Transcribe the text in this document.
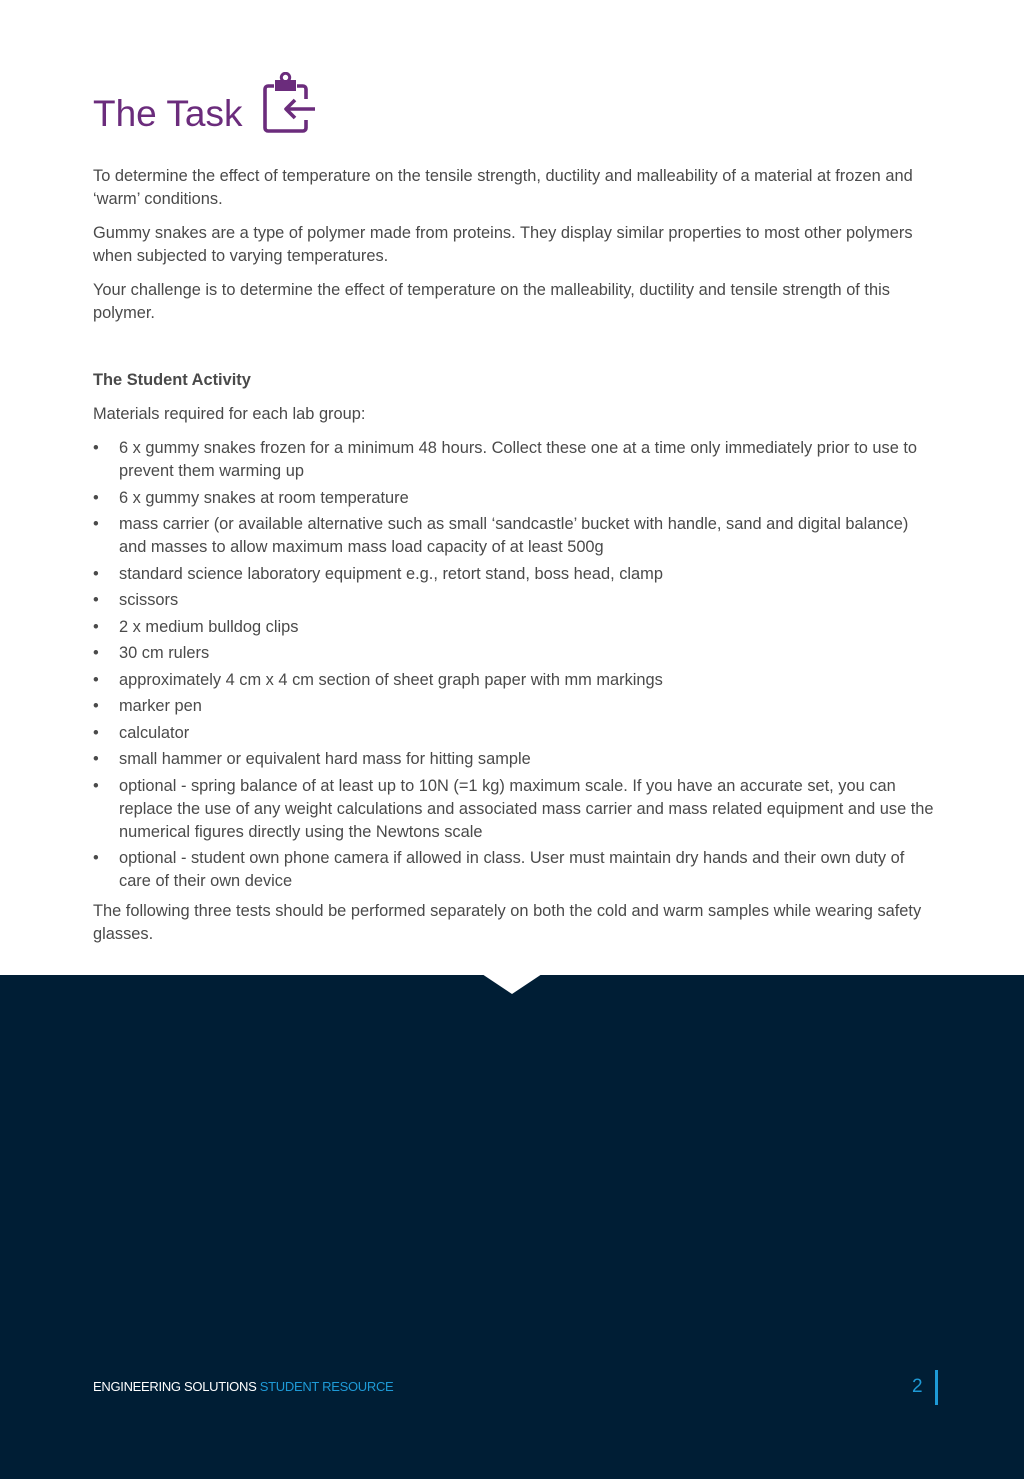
The Task

To determine the effect of temperature on the tensile strength, ductility and malleability of a material at frozen and ‘warm’ conditions.

Gummy snakes are a type of polymer made from proteins. They display similar properties to most other polymers when subjected to varying temperatures.

Your challenge is to determine the effect of temperature on the malleability, ductility and tensile strength of this polymer.

The Student Activity

Materials required for each lab group:

•	6 x gummy snakes frozen for a minimum 48 hours. Collect these one at a time only immediately prior to use to prevent them warming up
•	6 x gummy snakes at room temperature
•	mass carrier (or available alternative such as small ‘sandcastle’ bucket with handle, sand and digital balance) and masses to allow maximum mass load capacity of at least 500g
•	standard science laboratory equipment e.g., retort stand, boss head, clamp
•	scissors
•	2 x medium bulldog clips
•	30 cm rulers
•	approximately 4 cm x 4 cm section of sheet graph paper with mm markings
•	marker pen
•	calculator
•	small hammer or equivalent hard mass for hitting sample
•	optional - spring balance of at least up to 10N (=1 kg) maximum scale. If you have an accurate set, you can replace the use of any weight calculations and associated mass carrier and mass related equipment and use the numerical figures directly using the Newtons scale
•	optional - student own phone camera if allowed in class. User must maintain dry hands and their own duty of care of their own device

The following three tests should be performed separately on both the cold and warm samples while wearing safety glasses.

ENGINEERING SOLUTIONS STUDENT RESOURCE	2
